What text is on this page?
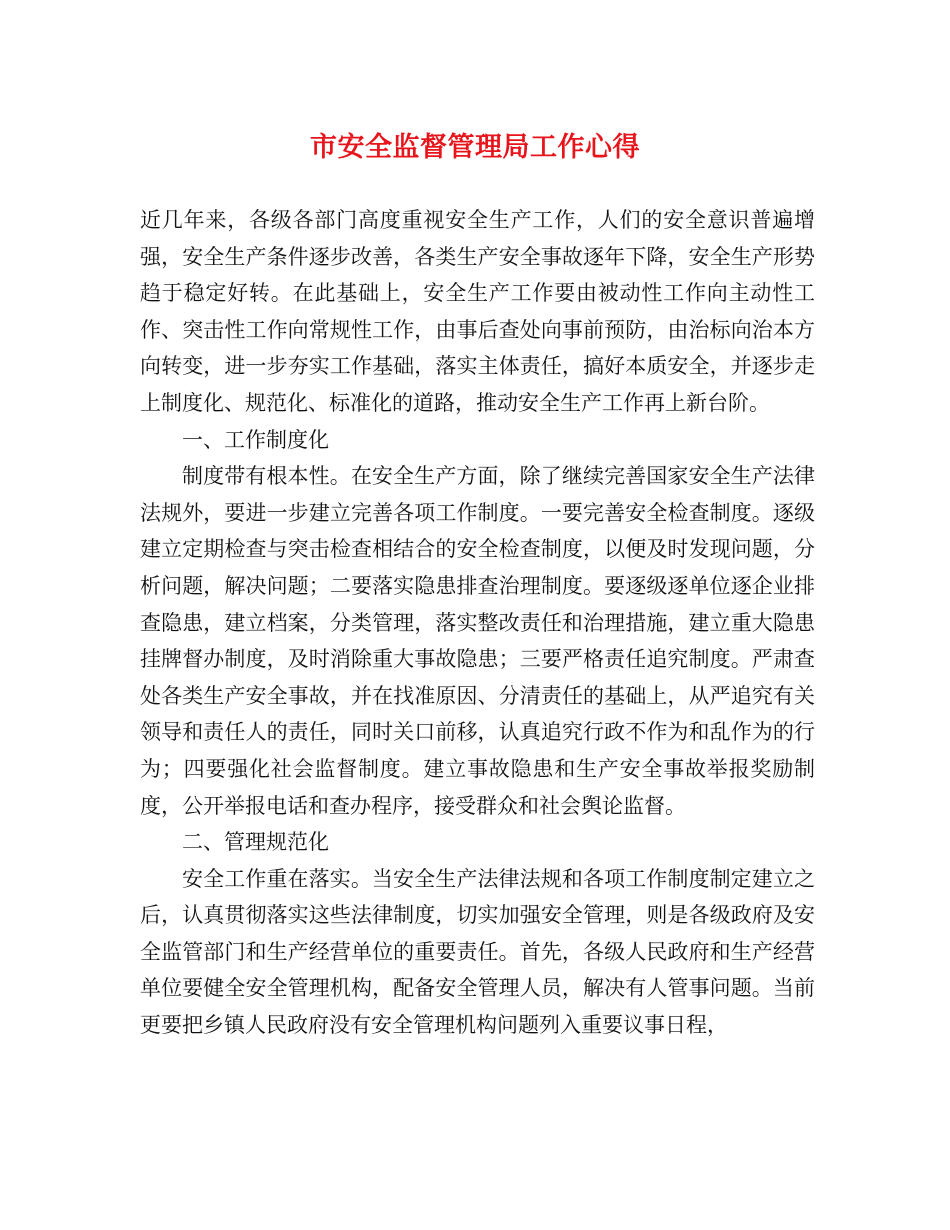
市安全监督管理局工作心得

近几年来，各级各部门高度重视安全生产工作，人们的安全意识普遍增强，安全生产条件逐步改善，各类生产安全事故逐年下降，安全生产形势趋于稳定好转。在此基础上，安全生产工作要由被动性工作向主动性工作、突击性工作向常规性工作，由事后查处向事前预防，由治标向治本方向转变，进一步夯实工作基础，落实主体责任，搞好本质安全，并逐步走上制度化、规范化、标准化的道路，推动安全生产工作再上新台阶。

一、工作制度化

制度带有根本性。在安全生产方面，除了继续完善国家安全生产法律法规外，要进一步建立完善各项工作制度。一要完善安全检查制度。逐级建立定期检查与突击检查相结合的安全检查制度，以便及时发现问题，分析问题，解决问题；二要落实隐患排查治理制度。要逐级逐单位逐企业排查隐患，建立档案，分类管理，落实整改责任和治理措施，建立重大隐患挂牌督办制度，及时消除重大事故隐患；三要严格责任追究制度。严肃查处各类生产安全事故，并在找准原因、分清责任的基础上，从严追究有关领导和责任人的责任，同时关口前移，认真追究行政不作为和乱作为的行为；四要强化社会监督制度。建立事故隐患和生产安全事故举报奖励制度，公开举报电话和查办程序，接受群众和社会舆论监督。

二、管理规范化

安全工作重在落实。当安全生产法律法规和各项工作制度制定建立之后，认真贯彻落实这些法律制度，切实加强安全管理，则是各级政府及安全监管部门和生产经营单位的重要责任。首先，各级人民政府和生产经营单位要健全安全管理机构，配备安全管理人员，解决有人管事问题。当前更要把乡镇人民政府没有安全管理机构问题列入重要议事日程，
